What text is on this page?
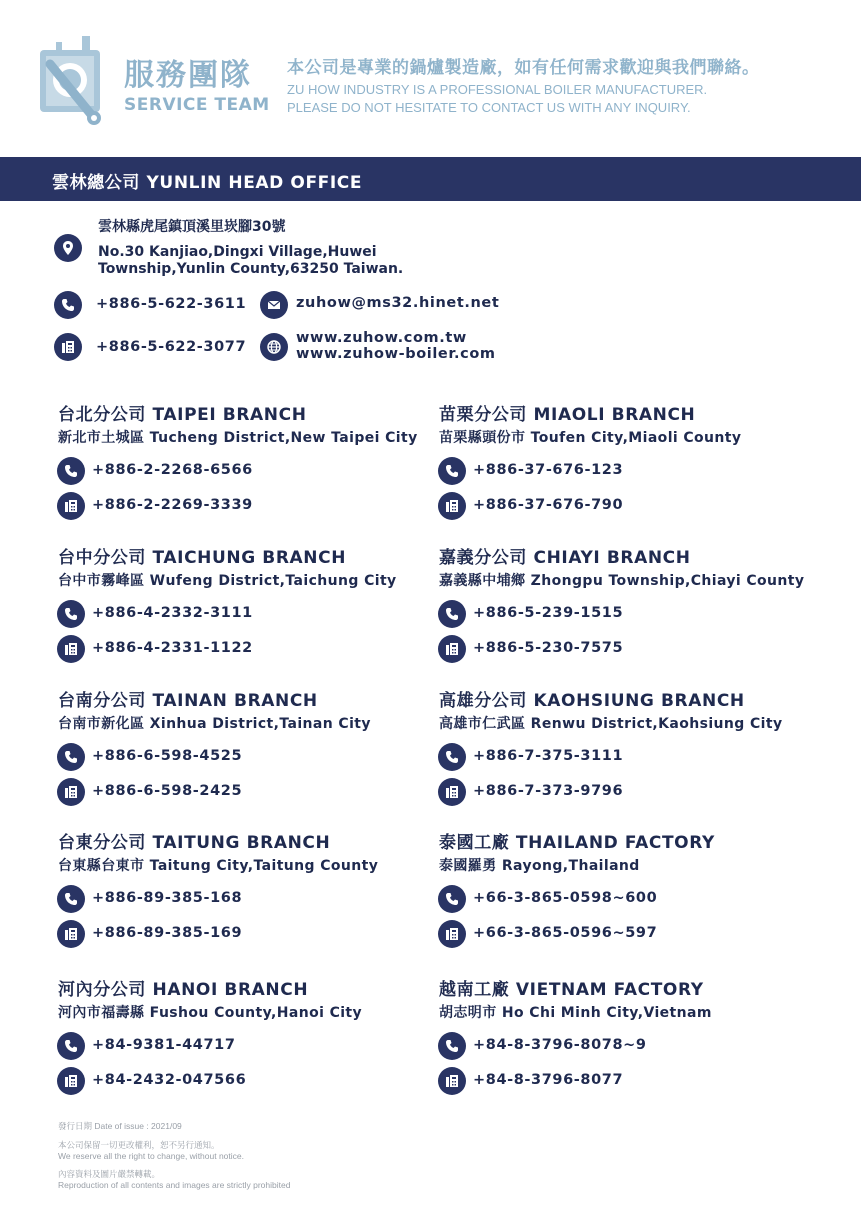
服務團隊
SERVICE TEAM
本公司是專業的鍋爐製造廠，如有任何需求歡迎與我們聯絡。
ZU HOW INDUSTRY IS A PROFESSIONAL BOILER MANUFACTURER.
PLEASE DO NOT HESITATE TO CONTACT US WITH ANY INQUIRY.
雲林總公司 YUNLIN HEAD OFFICE
雲林縣虎尾鎮頂溪里崁腳30號
No.30 Kanjiao,Dingxi Village,Huwei
Township,Yunlin County,63250 Taiwan.
+886-5-622-3611
+886-5-622-3077
zuhow@ms32.hinet.net
www.zuhow.com.tw
www.zuhow-boiler.com
台北分公司 TAIPEI BRANCH
新北市土城區 Tucheng District,New Taipei City
+886-2-2268-6566
+886-2-2269-3339
苗栗分公司 MIAOLI BRANCH
苗栗縣頭份市 Toufen City,Miaoli County
+886-37-676-123
+886-37-676-790
台中分公司 TAICHUNG BRANCH
台中市霧峰區 Wufeng District,Taichung City
+886-4-2332-3111
+886-4-2331-1122
嘉義分公司 CHIAYI BRANCH
嘉義縣中埔鄉 Zhongpu Township,Chiayi County
+886-5-239-1515
+886-5-230-7575
台南分公司 TAINAN BRANCH
台南市新化區 Xinhua District,Tainan City
+886-6-598-4525
+886-6-598-2425
高雄分公司 KAOHSIUNG BRANCH
高雄市仁武區 Renwu District,Kaohsiung City
+886-7-375-3111
+886-7-373-9796
台東分公司 TAITUNG BRANCH
台東縣台東市 Taitung City,Taitung County
+886-89-385-168
+886-89-385-169
泰國工廠 THAILAND FACTORY
泰國羅勇 Rayong,Thailand
+66-3-865-0598~600
+66-3-865-0596~597
河內分公司 HANOI BRANCH
河內市福壽縣 Fushou County,Hanoi City
+84-9381-44717
+84-2432-047566
越南工廠 VIETNAM FACTORY
胡志明市 Ho Chi Minh City,Vietnam
+84-8-3796-8078~9
+84-8-3796-8077
發行日期 Date of issue : 2021/09
本公司保留一切更改權利，恕不另行通知。
We reserve all the right to change, without notice.
內容資料及圖片嚴禁轉載。
Reproduction of all contents and images are strictly prohibited
